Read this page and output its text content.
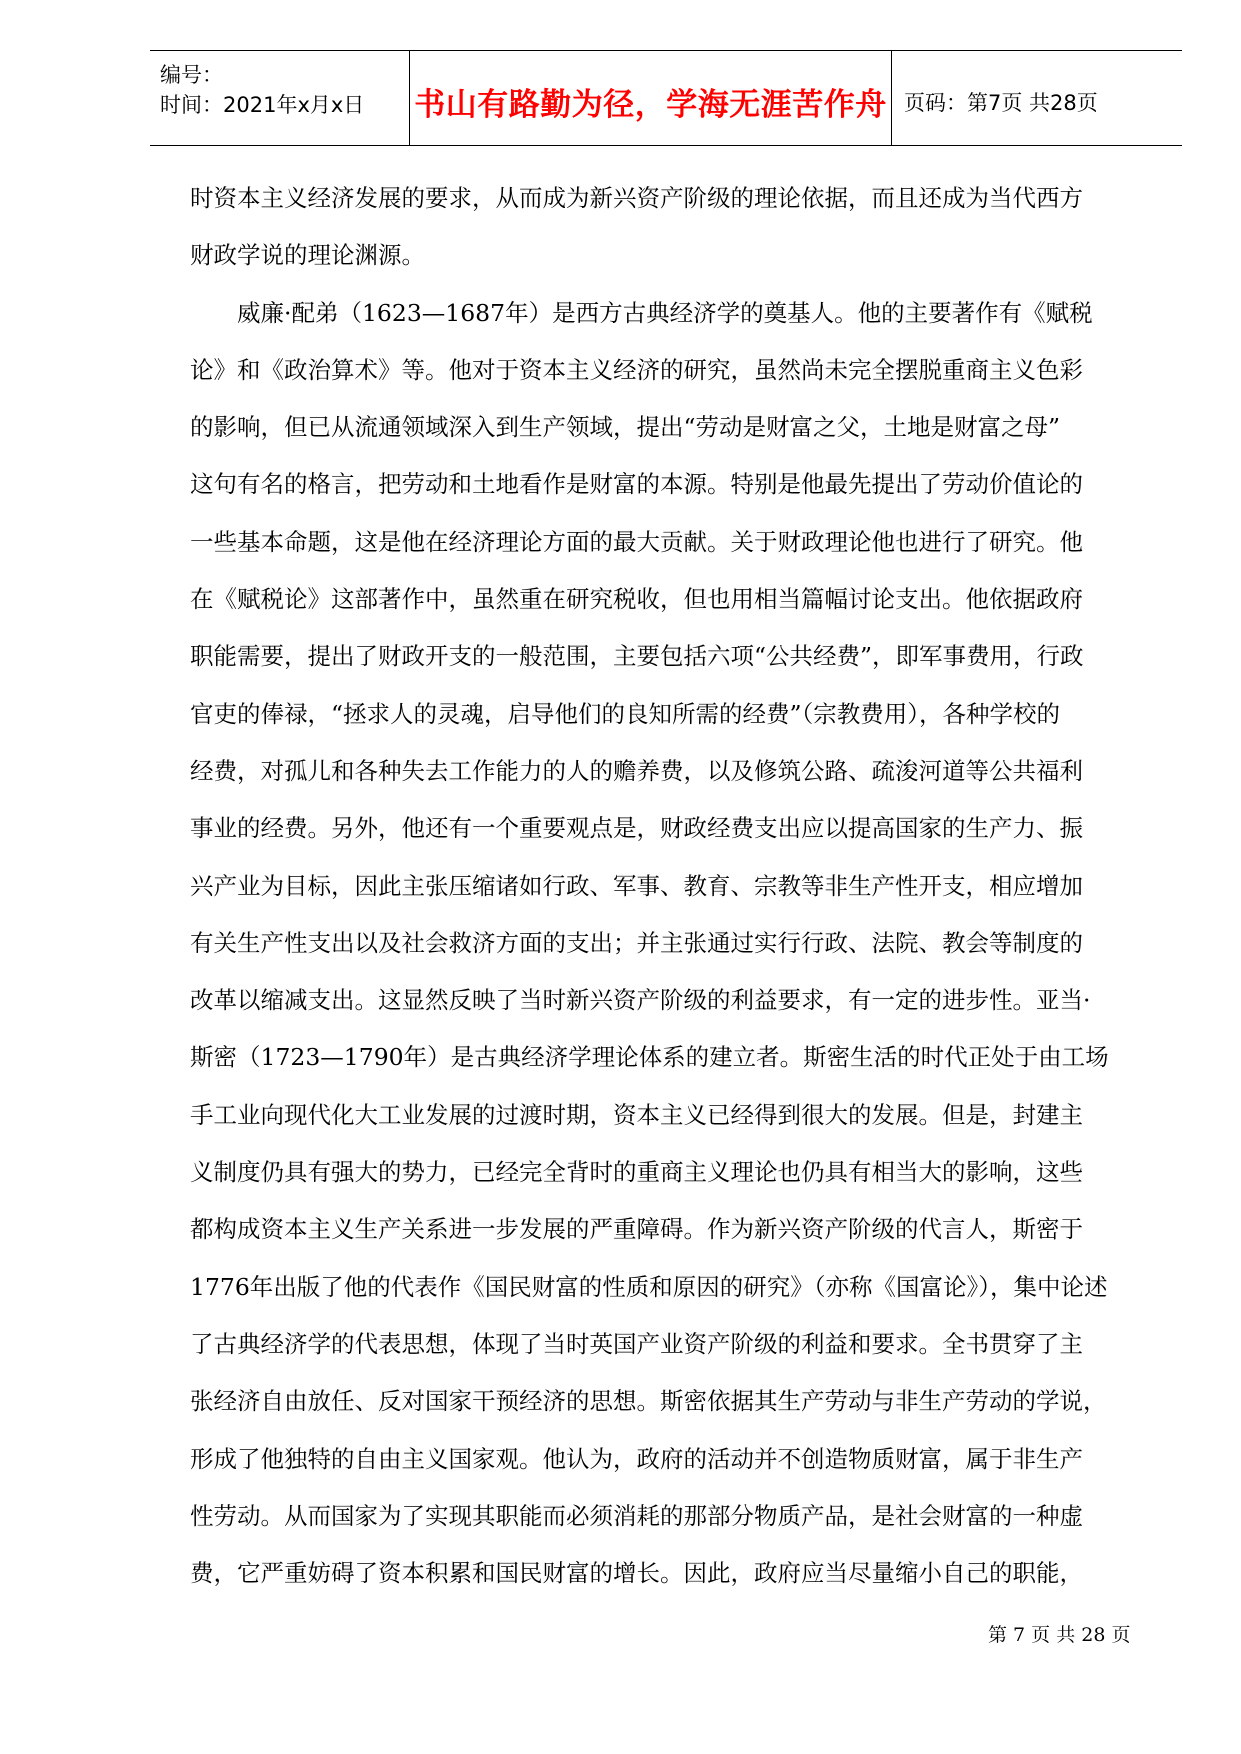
编号：
时间：2021年x月x日 书山有路勤为径，学海无涯苦作舟 页码：第7页 共28页

时资本主义经济发展的要求，从而成为新兴资产阶级的理论依据，而且还成为当代西方

财政学说的理论渊源。

　　威廉·配弟（1623—1687年）是西方古典经济学的奠基人。他的主要著作有《赋税

论》和《政治算术》等。他对于资本主义经济的研究，虽然尚未完全摆脱重商主义色彩

的影响，但已从流通领域深入到生产领域，提出“劳动是财富之父，土地是财富之母”

这句有名的格言，把劳动和土地看作是财富的本源。特别是他最先提出了劳动价值论的

一些基本命题，这是他在经济理论方面的最大贡献。关于财政理论他也进行了研究。他

在《赋税论》这部著作中，虽然重在研究税收，但也用相当篇幅讨论支出。他依据政府

职能需要，提出了财政开支的一般范围，主要包括六项“公共经费”，即军事费用，行政

官吏的俸禄，“拯求人的灵魂，启导他们的良知所需的经费”（宗教费用），各种学校的

经费，对孤儿和各种失去工作能力的人的赡养费，以及修筑公路、疏浚河道等公共福利

事业的经费。另外，他还有一个重要观点是，财政经费支出应以提高国家的生产力、振

兴产业为目标，因此主张压缩诸如行政、军事、教育、宗教等非生产性开支，相应增加

有关生产性支出以及社会救济方面的支出；并主张通过实行行政、法院、教会等制度的

改革以缩减支出。这显然反映了当时新兴资产阶级的利益要求，有一定的进步性。亚当·

斯密（1723—1790年）是古典经济学理论体系的建立者。斯密生活的时代正处于由工场

手工业向现代化大工业发展的过渡时期，资本主义已经得到很大的发展。但是，封建主

义制度仍具有强大的势力，已经完全背时的重商主义理论也仍具有相当大的影响，这些

都构成资本主义生产关系进一步发展的严重障碍。作为新兴资产阶级的代言人，斯密于

1776年出版了他的代表作《国民财富的性质和原因的研究》（亦称《国富论》），集中论述

了古典经济学的代表思想，体现了当时英国产业资产阶级的利益和要求。全书贯穿了主

张经济自由放任、反对国家干预经济的思想。斯密依据其生产劳动与非生产劳动的学说，

形成了他独特的自由主义国家观。他认为，政府的活动并不创造物质财富，属于非生产

性劳动。从而国家为了实现其职能而必须消耗的那部分物质产品，是社会财富的一种虚

费，它严重妨碍了资本积累和国民财富的增长。因此，政府应当尽量缩小自己的职能，

第 7 页 共 28 页
